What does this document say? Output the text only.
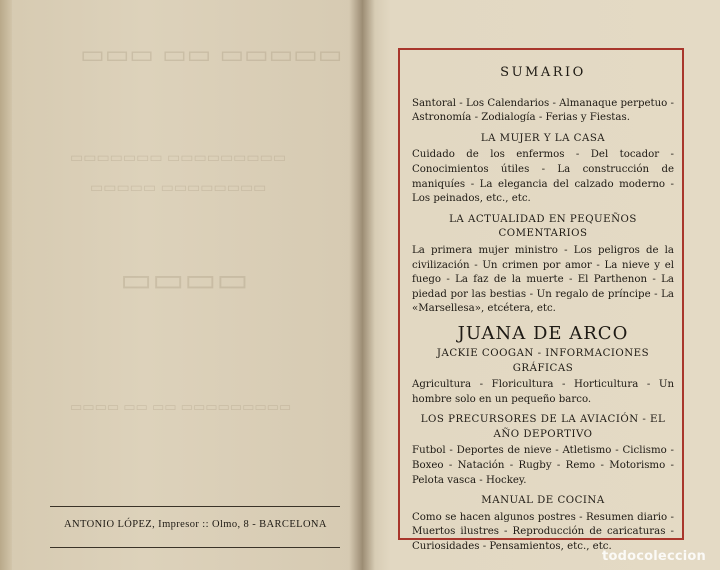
▭▭▭ ▭▭ ▭▭▭▭▭
▭▭▭▭▭▭▭ ▭▭▭▭▭▭▭▭▭
▭▭▭▭▭ ▭▭▭▭▭▭▭▭
▭▭▭▭
▭▭▭▭ ▭▭ ▭▭ ▭▭▭▭▭▭▭▭▭
ANTONIO LÓPEZ, Impresor :: Olmo, 8 - BARCELONA
SUMARIO

Santoral - Los Calendarios - Almanaque perpetuo - Astronomía - Zodialogía - Ferias y Fiestas.

LA MUJER Y LA CASA

Cuidado de los enfermos - Del tocador - Conocimientos útiles - La construcción de maniquíes - La elegancia del calzado moderno - Los peinados, etc., etc.

LA ACTUALIDAD EN PEQUEÑOS COMENTARIOS

La primera mujer ministro - Los peligros de la civilización - Un crimen por amor - La nieve y el fuego - La faz de la muerte - El Parthenon - La piedad por las bestias - Un regalo de príncipe - La «Marsellesa», etcétera, etc.

JUANA DE ARCO
JACKIE COOGAN - INFORMACIONES GRÁFICAS

Agricultura - Floricultura - Horticultura - Un hombre solo en un pequeño barco.

LOS PRECURSORES DE LA AVIACIÓN - EL AÑO DEPORTIVO

Futbol - Deportes de nieve - Atletismo - Ciclismo - Boxeo - Natación - Rugby - Remo - Motorismo - Pelota vasca - Hockey.

MANUAL DE COCINA

Como se hacen algunos postres - Resumen diario - Muertos ilustres - Reproducción de caricaturas - Curiosidades - Pensamientos, etc., etc.

todocoleccion
